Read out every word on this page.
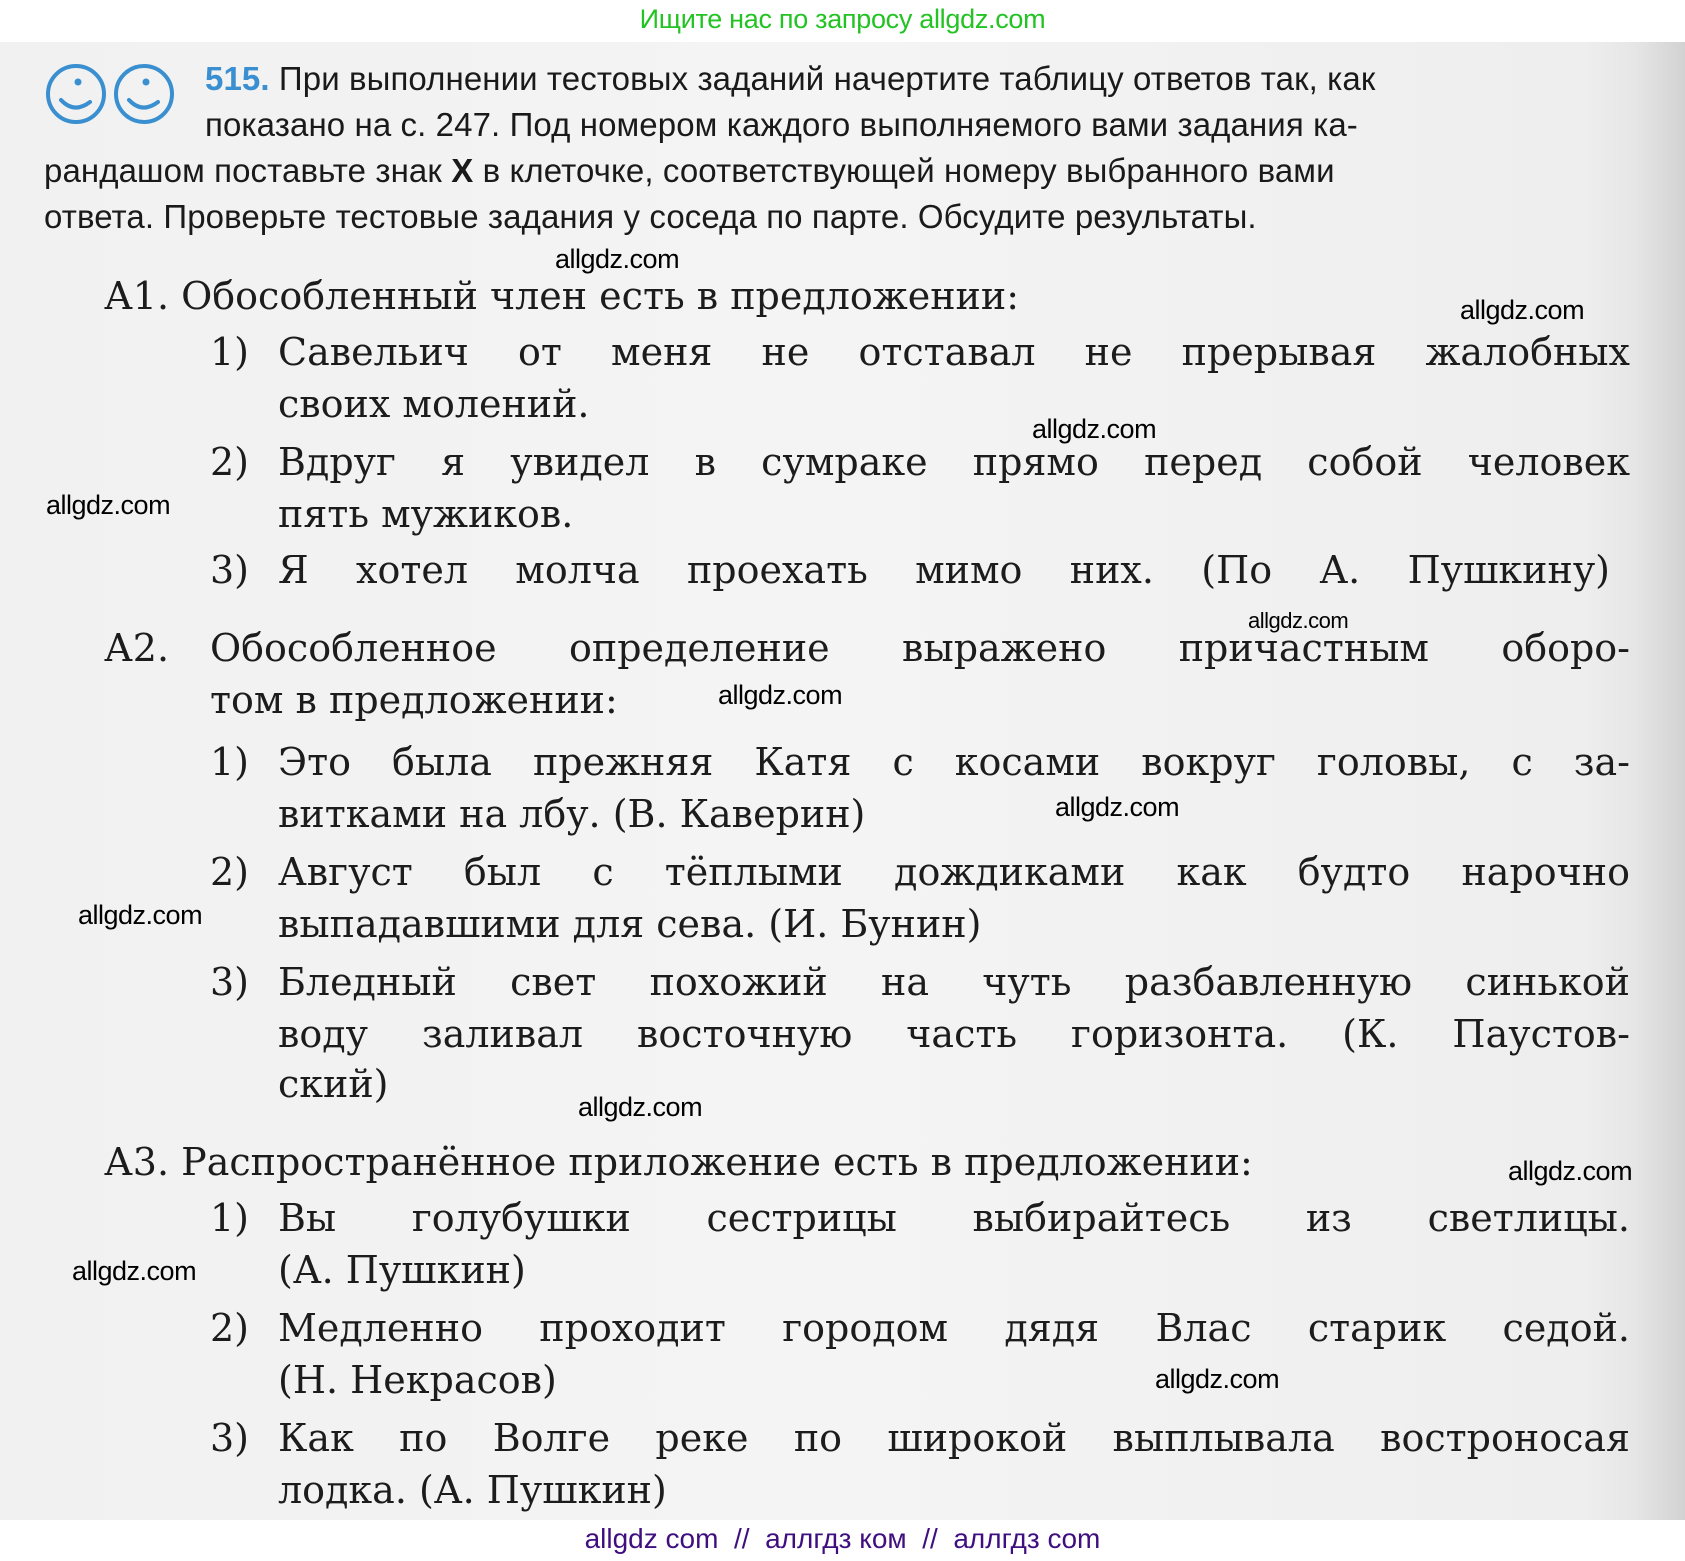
Ищите нас по запросу allgdz.com
515. При выполнении тестовых заданий начертите таблицу ответов так, как
показано на с. 247. Под номером каждого выполняемого вами задания ка-
рандашом поставьте знак X в клеточке, соответствующей номеру выбранного вами
ответа. Проверьте тестовые задания у соседа по парте. Обсудите результаты.
А1. Обособленный член есть в предложении:
1) Савельич от меня не отставал не прерывая жалобных
своих молений.
2) Вдруг я увидел в сумраке прямо перед собой человек
пять мужиков.
3) Я хотел молча проехать мимо них. (По А. Пушкину)
А2. Обособленное определение выражено причастным оборо-
том в предложении:
1) Это была прежняя Катя с косами вокруг головы, с за-
витками на лбу. (В. Каверин)
2) Август был с тёплыми дождиками как будто нарочно
выпадавшими для сева. (И. Бунин)
3) Бледный свет похожий на чуть разбавленную синькой
воду заливал восточную часть горизонта. (К. Паустов-
ский)
А3. Распространённое приложение есть в предложении:
1) Вы голубушки сестрицы выбирайтесь из светлицы.
(А. Пушкин)
2) Медленно проходит городом дядя Влас старик седой.
(Н. Некрасов)
3) Как по Волге реке по широкой выплывала востроносая
лодка. (А. Пушкин)
allgdz.com
allgdz.com
allgdz.com
allgdz.com
allgdz.com
allgdz.com
allgdz.com
allgdz.com
allgdz.com
allgdz.com
allgdz.com
allgdz.com
allgdz com  //  аллгдз ком  //  аллгдз com
